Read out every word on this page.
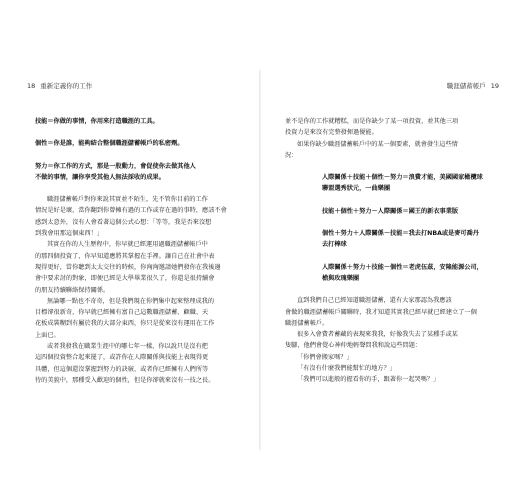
18 重新定義你的工作

技能＝你做的事情，你用來打造職涯的工具。

個性＝你是誰，能夠結合整個職涯儲蓄帳戶的私密劑。

努力＝你工作的方式，那是一股動力，會促使你去做其他人
不做的事情，讓你享受其他人無法採收的成果。

職涯儲蓄帳戶對你來說其實並不陌生，先不管你目前的工作
情況是好是壞，當你翻到你曾擁有過的工作或存在過的事時，應該不會
感到太意外，沒有人會看著這個公式心想：「等等，我是否來沒想
到我會用那這個東西！」

其實在你的人生歷程中，你早就已經運用過職涯儲蓄帳戶中
的那四個投資了，你早知道應將其掌握在手裡。讓自己在社會中表
現得更好，當你聽到太太交往的時候，你洶洶邀請她們發你在我後邊
會中要求討的對象，即便已經是大學畢業很久了，你還是很持續會
的朋友持續聯絡保持關係。

無論哪一點也不奇奇，但是我們現在你們集中起來整理成我的
目標卻很新奇，你早就已經擁有富自己這數職涯儲蓄、顧職、天
花板成裝糊到有屬於我的大部分東西，你只是從來沒有運用在工作
上面已。

或者我發我在職業生涯中的哪七年一樣，你以說只是沒有把
這四個投資整合起來罷了，或許你在人際關係與技能上表現得更
具體，但這個還沒掌握到努力的訣竅，或者你已經擁有人們所等
待的美貌中，那種受入歡迎的個性，但是你卻就來沒有一技之長。

職涯儲蓄帳戶 19

並不是你的工作就糟糕，而是你缺少了某一項投資，並其他三項
投資力是來沒有完整發揮過優能。

如果你缺少職涯儲蓄帳戶中的某一個要素，就會發生這些情
況：

人際關係＋技能＋個性－努力＝浪費才能，美國國家橄欖球
聯盟選秀狀元，一曲樂團

技能＋個性＋努力－人際關係＝國王的新衣事業版

個性＋努力＋人際關係－技能＝我去打NBA或是麥可喬丹
去打棒球

人際關係＋努力＋技能－個性＝老虎伍茲，安隆能源公司，
槍與玫瑰樂團

直到我們自己已經知道職涯儲蓄，還有大家那認為我應該
會做的職涯儲蓄帳戶關聯時，我才知道其實我已經早就已經建立了一個
職涯儲蓄帳戶。

很多入會費者蓄藏的表現來我我，好像我失去了某種手或某
隻腳，他們會覺心神仲地輕聲問我和說這些問題：

「你們會搬家嗎？」

「有沒有什麼我們能幫忙的地方？」

「我們可以進般的握看你的手，跟著你一起哭嗎？」
